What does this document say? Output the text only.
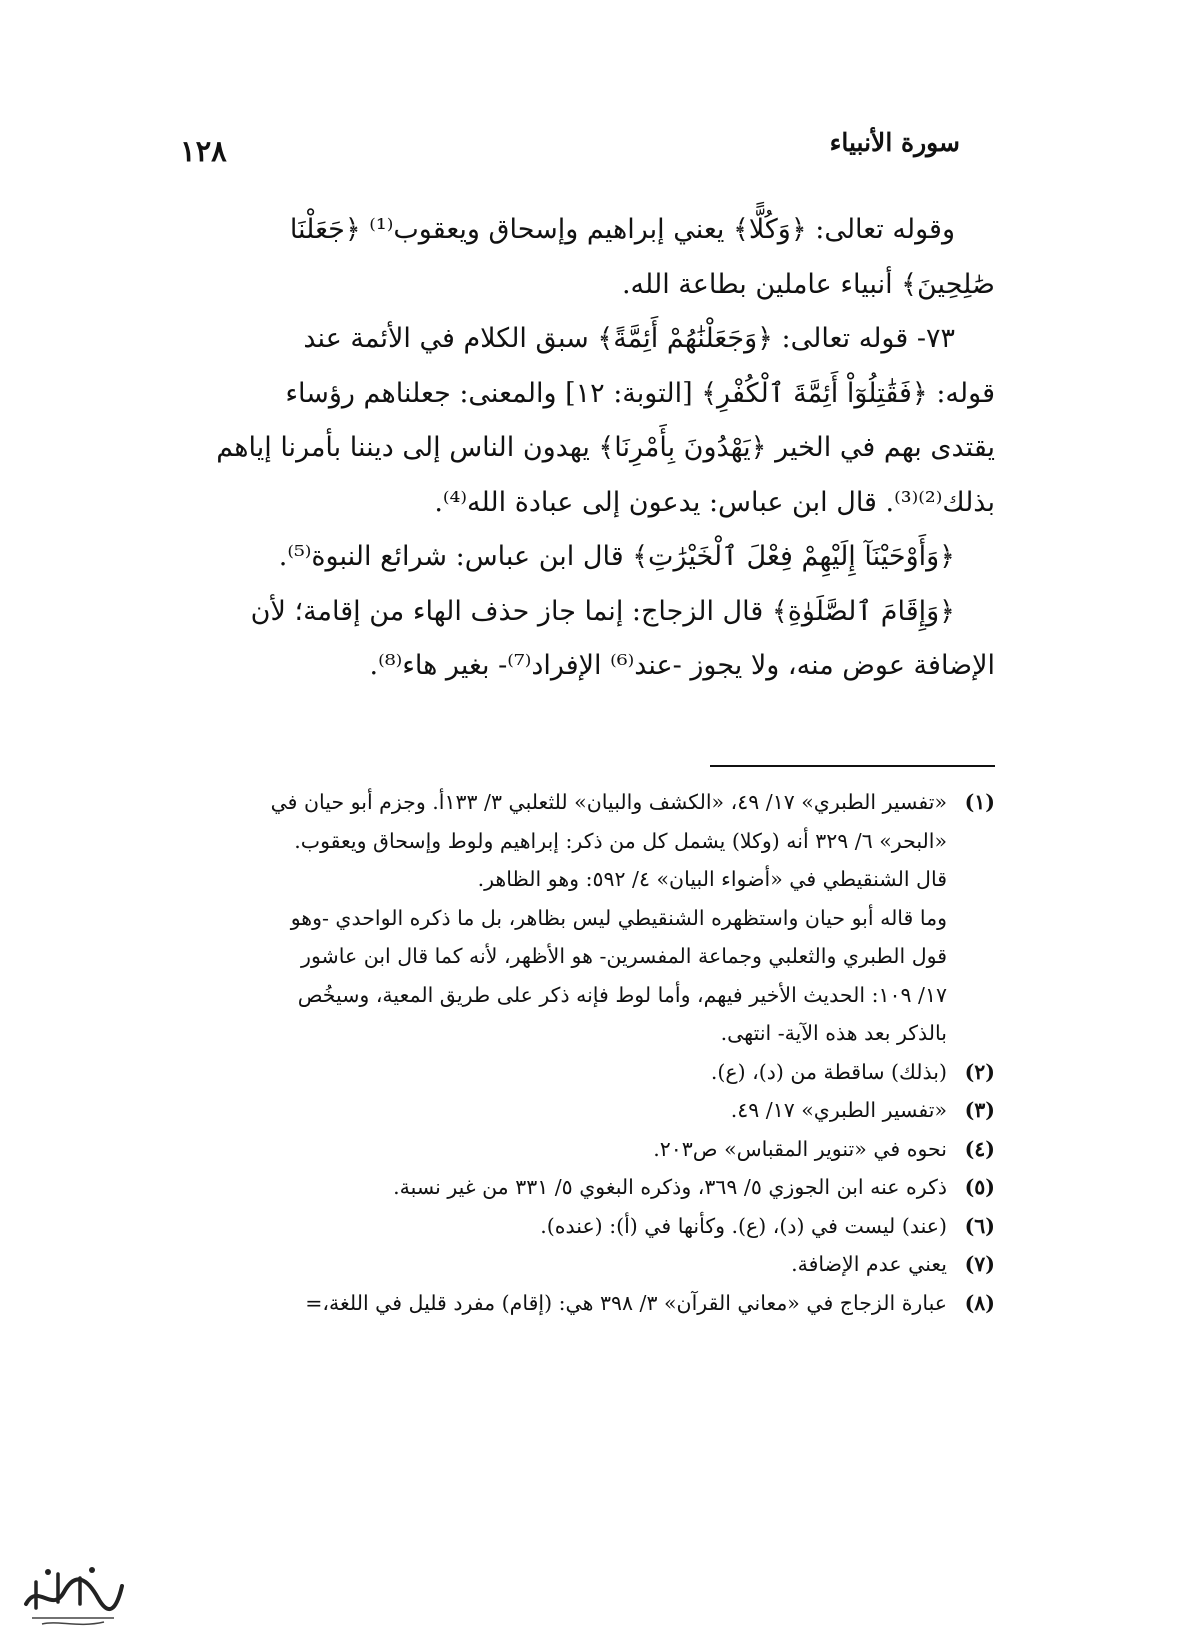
سورة الأنبياء
١٢٨

وقوله تعالى: ﴿وَكُلًّا﴾ يعني إبراهيم وإسحاق ويعقوب⁽¹⁾ ﴿جَعَلْنَا

صَٰلِحِينَ﴾ أنبياء عاملين بطاعة الله.

٧٣- قوله تعالى: ﴿وَجَعَلْنَٰهُمْ أَئِمَّةً﴾ سبق الكلام في الأئمة عند

قوله: ﴿فَقَٰتِلُوٓاْ أَئِمَّةَ ٱلْكُفْرِ﴾ [التوبة: ١٢] والمعنى: جعلناهم رؤساء

يقتدى بهم في الخير ﴿يَهْدُونَ بِأَمْرِنَا﴾ يهدون الناس إلى ديننا بأمرنا إياهم

بذلك⁽²⁾⁽³⁾. قال ابن عباس: يدعون إلى عبادة الله⁽⁴⁾.

﴿وَأَوْحَيْنَآ إِلَيْهِمْ فِعْلَ ٱلْخَيْرَٰتِ﴾ قال ابن عباس: شرائع النبوة⁽⁵⁾.

﴿وَإِقَامَ ٱلصَّلَوٰةِ﴾ قال الزجاج: إنما جاز حذف الهاء من إقامة؛ لأن

الإضافة عوض منه، ولا يجوز -عند⁽⁶⁾ الإفراد⁽⁷⁾- بغير هاء⁽⁸⁾.

(١)
«تفسير الطبري» ١٧/ ٤٩، «الكشف والبيان» للثعلبي ٣/ ١٣٣أ. وجزم أبو حيان في
«البحر» ٦/ ٣٢٩ أنه (وكلا) يشمل كل من ذكر: إبراهيم ولوط وإسحاق ويعقوب.
قال الشنقيطي في «أضواء البيان» ٤/ ٥٩٢: وهو الظاهر.
وما قاله أبو حيان واستظهره الشنقيطي ليس بظاهر، بل ما ذكره الواحدي -وهو
قول الطبري والثعلبي وجماعة المفسرين- هو الأظهر، لأنه كما قال ابن عاشور
١٧/ ١٠٩: الحديث الأخير فيهم، وأما لوط فإنه ذكر على طريق المعية، وسيخُص
بالذكر بعد هذه الآية- انتهى.
(٢)
(بذلك) ساقطة من (د)، (ع).
(٣)
«تفسير الطبري» ١٧/ ٤٩.
(٤)
نحوه في «تنوير المقباس» ص٢٠٣.
(٥)
ذكره عنه ابن الجوزي ٥/ ٣٦٩، وذكره البغوي ٥/ ٣٣١ من غير نسبة.
(٦)
(عند) ليست في (د)، (ع). وكأنها في (أ): (عنده).
(٧)
يعني عدم الإضافة.
(٨)
عبارة الزجاج في «معاني القرآن» ٣/ ٣٩٨ هي: (إقام) مفرد قليل في اللغة،=
